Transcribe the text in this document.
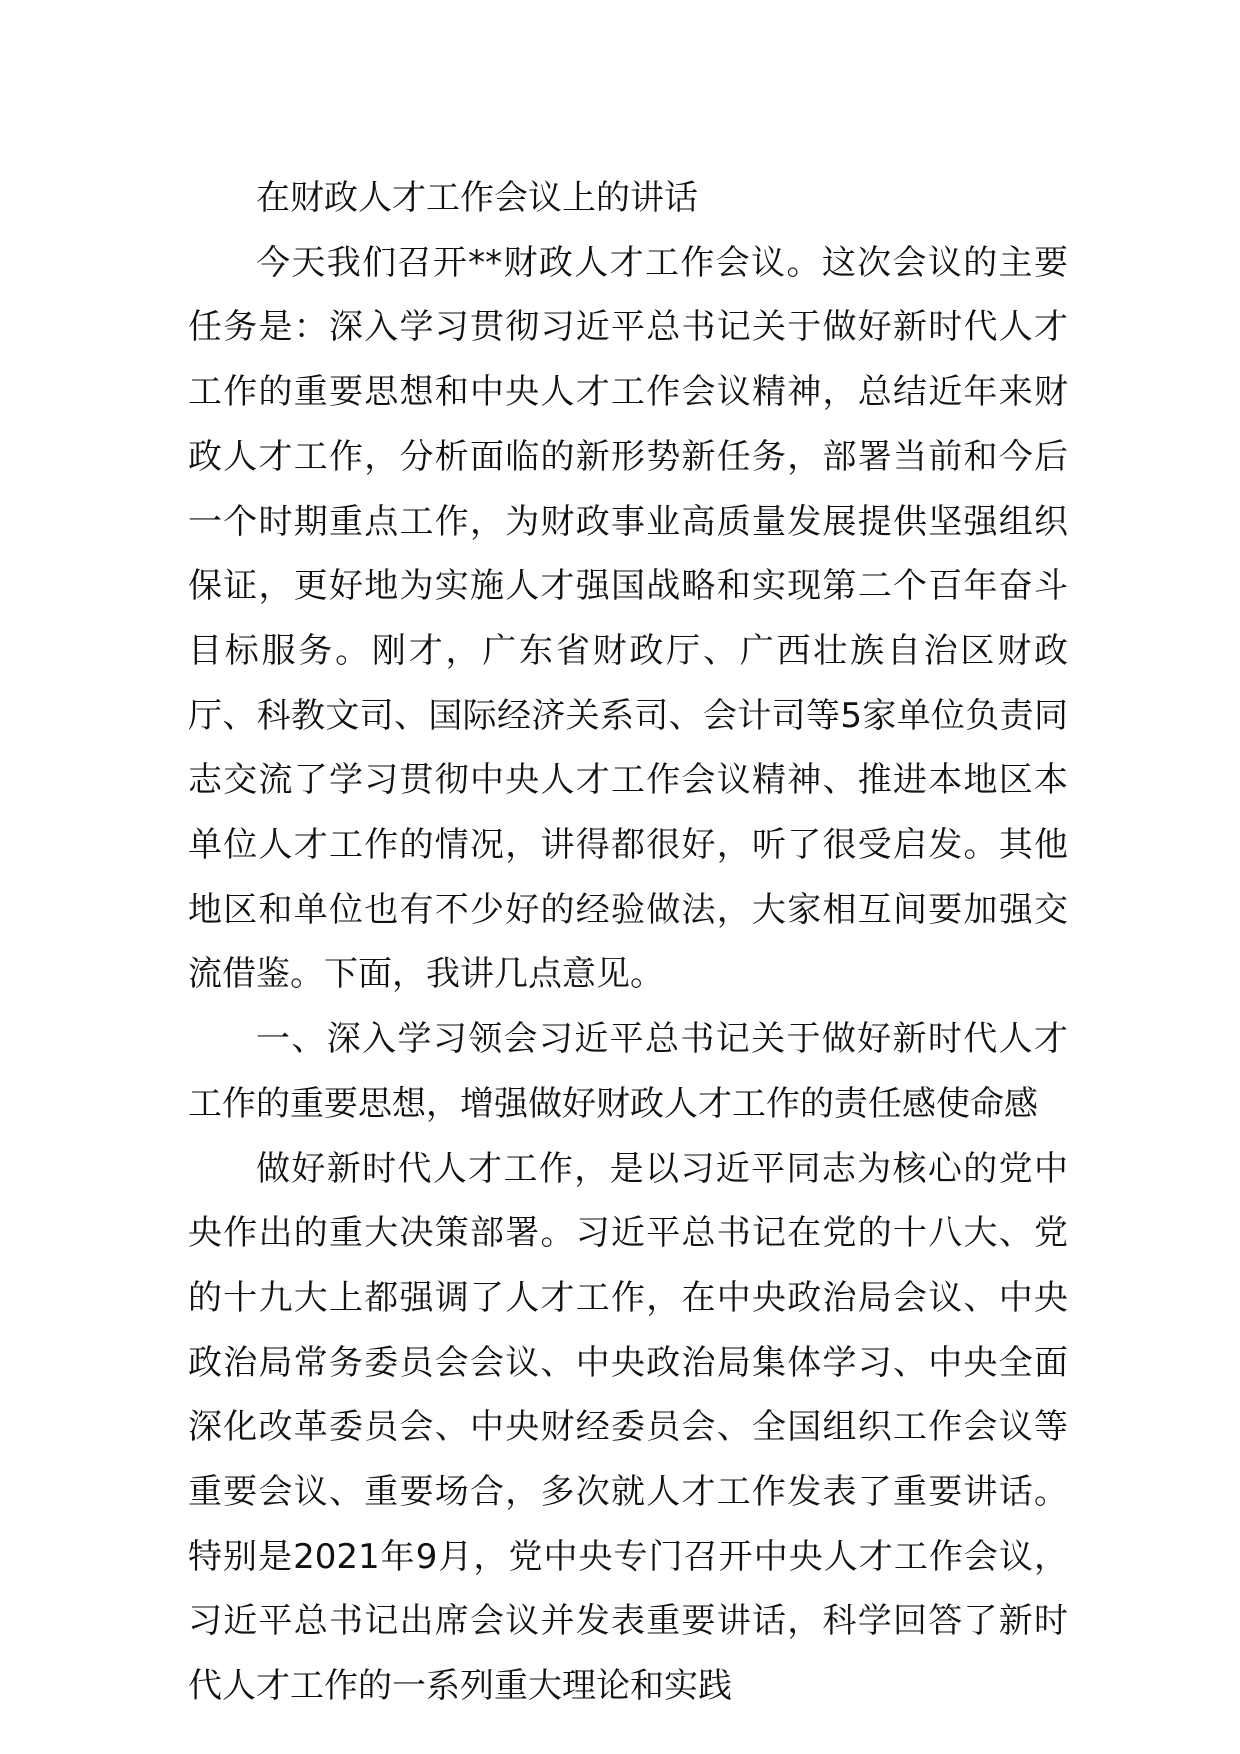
在财政人才工作会议上的讲话

今天我们召开**财政人才工作会议。这次会议的主要任务是：深入学习贯彻习近平总书记关于做好新时代人才工作的重要思想和中央人才工作会议精神，总结近年来财政人才工作，分析面临的新形势新任务，部署当前和今后一个时期重点工作，为财政事业高质量发展提供坚强组织保证，更好地为实施人才强国战略和实现第二个百年奋斗目标服务。刚才，广东省财政厅、广西壮族自治区财政厅、科教文司、国际经济关系司、会计司等5家单位负责同志交流了学习贯彻中央人才工作会议精神、推进本地区本单位人才工作的情况，讲得都很好，听了很受启发。其他地区和单位也有不少好的经验做法，大家相互间要加强交流借鉴。下面，我讲几点意见。

一、深入学习领会习近平总书记关于做好新时代人才工作的重要思想，增强做好财政人才工作的责任感使命感

做好新时代人才工作，是以习近平同志为核心的党中央作出的重大决策部署。习近平总书记在党的十八大、党的十九大上都强调了人才工作，在中央政治局会议、中央政治局常务委员会会议、中央政治局集体学习、中央全面深化改革委员会、中央财经委员会、全国组织工作会议等重要会议、重要场合，多次就人才工作发表了重要讲话。特别是2021年9月，党中央专门召开中央人才工作会议，习近平总书记出席会议并发表重要讲话，科学回答了新时代人才工作的一系列重大理论和实践
